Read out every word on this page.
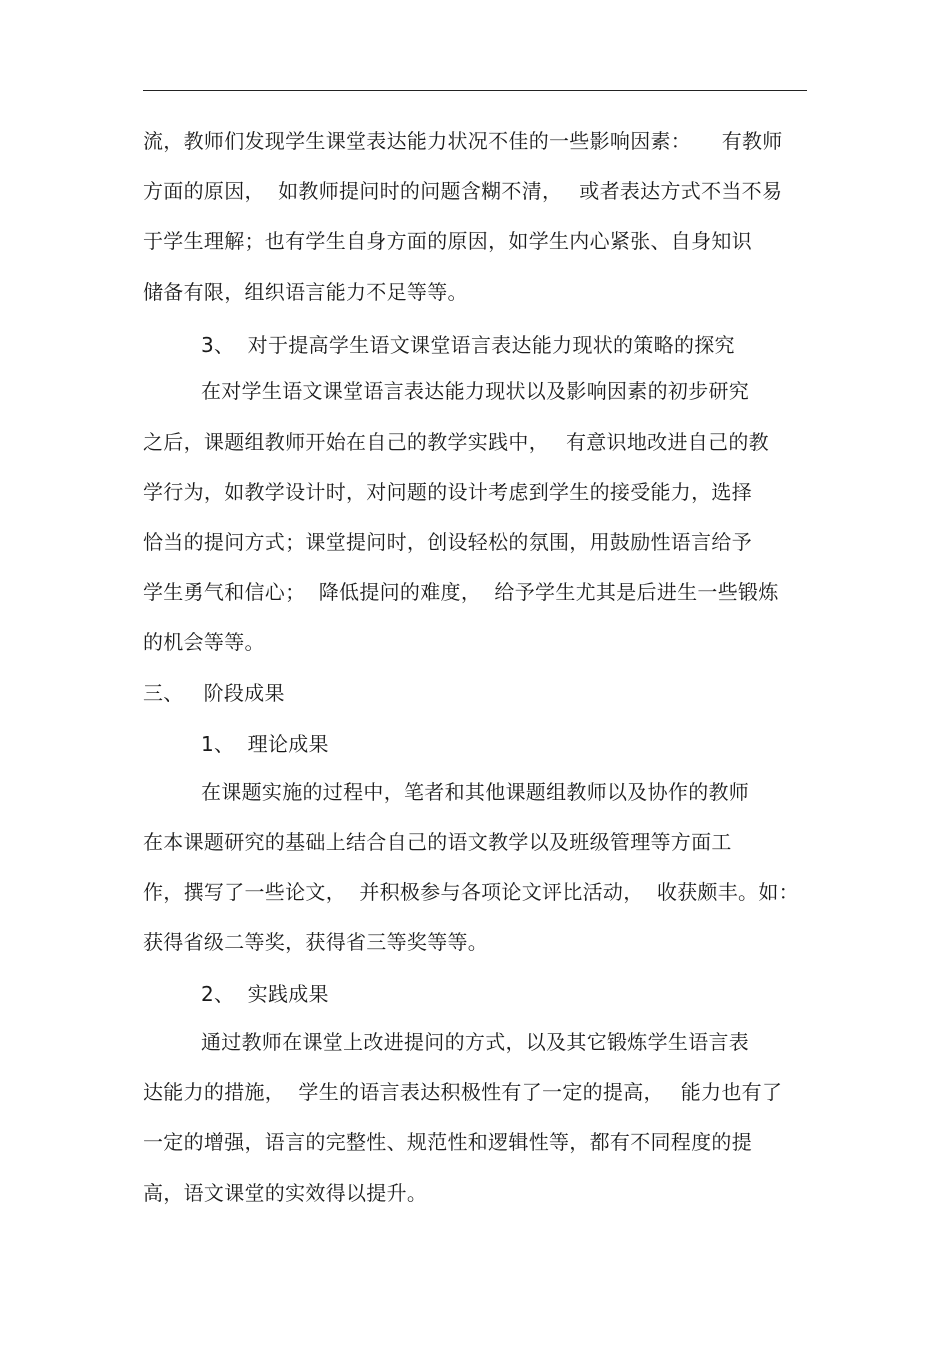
流，教师们发现学生课堂表达能力状况不佳的一些影响因素：　　有教师
方面的原因，  如教师提问时的问题含糊不清，　 或者表达方式不当不易
于学生理解；也有学生自身方面的原因，如学生内心紧张、自身知识
储备有限，组织语言能力不足等等。
3、  对于提高学生语文课堂语言表达能力现状的策略的探究
在对学生语文课堂语言表达能力现状以及影响因素的初步研究
之后，课题组教师开始在自己的教学实践中，　 有意识地改进自己的教
学行为，如教学设计时，对问题的设计考虑到学生的接受能力，选择
恰当的提问方式；课堂提问时，创设轻松的氛围，用鼓励性语言给予
学生勇气和信心；  降低提问的难度，  给予学生尤其是后进生一些锻炼
的机会等等。
三、   阶段成果
1、  理论成果
在课题实施的过程中，笔者和其他课题组教师以及协作的教师
在本课题研究的基础上结合自己的语文教学以及班级管理等方面工
作，撰写了一些论文，  并积极参与各项论文评比活动，  收获颇丰。如：
获得省级二等奖，获得省三等奖等等。
2、  实践成果
通过教师在课堂上改进提问的方式，以及其它锻炼学生语言表
达能力的措施，  学生的语言表达积极性有了一定的提高，　 能力也有了
一定的增强，语言的完整性、规范性和逻辑性等，都有不同程度的提
高，语文课堂的实效得以提升。
